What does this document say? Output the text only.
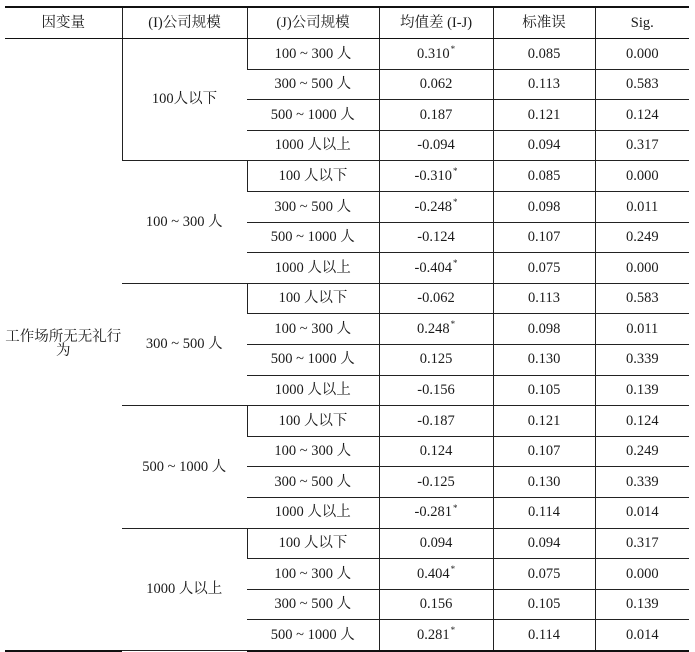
因变量	(I)公司规模	(J)公司规模	均值差 (I-J)	标准误	Sig.
工作场所无无礼行为	100人以下	100 ~ 300 人	0.310*	0.085	0.000
		300 ~ 500 人	0.062	0.113	0.583
		500 ~ 1000 人	0.187	0.121	0.124
		1000 人以上	-0.094	0.094	0.317
	100 ~ 300 人	100 人以下	-0.310*	0.085	0.000
		300 ~ 500 人	-0.248*	0.098	0.011
		500 ~ 1000 人	-0.124	0.107	0.249
		1000 人以上	-0.404*	0.075	0.000
	300 ~ 500 人	100 人以下	-0.062	0.113	0.583
		100 ~ 300 人	0.248*	0.098	0.011
		500 ~ 1000 人	0.125	0.130	0.339
		1000 人以上	-0.156	0.105	0.139
	500 ~ 1000 人	100 人以下	-0.187	0.121	0.124
		100 ~ 300 人	0.124	0.107	0.249
		300 ~ 500 人	-0.125	0.130	0.339
		1000 人以上	-0.281*	0.114	0.014
	1000 人以上	100 人以下	0.094	0.094	0.317
		100 ~ 300 人	0.404*	0.075	0.000
		300 ~ 500 人	0.156	0.105	0.139
		500 ~ 1000 人	0.281*	0.114	0.014
